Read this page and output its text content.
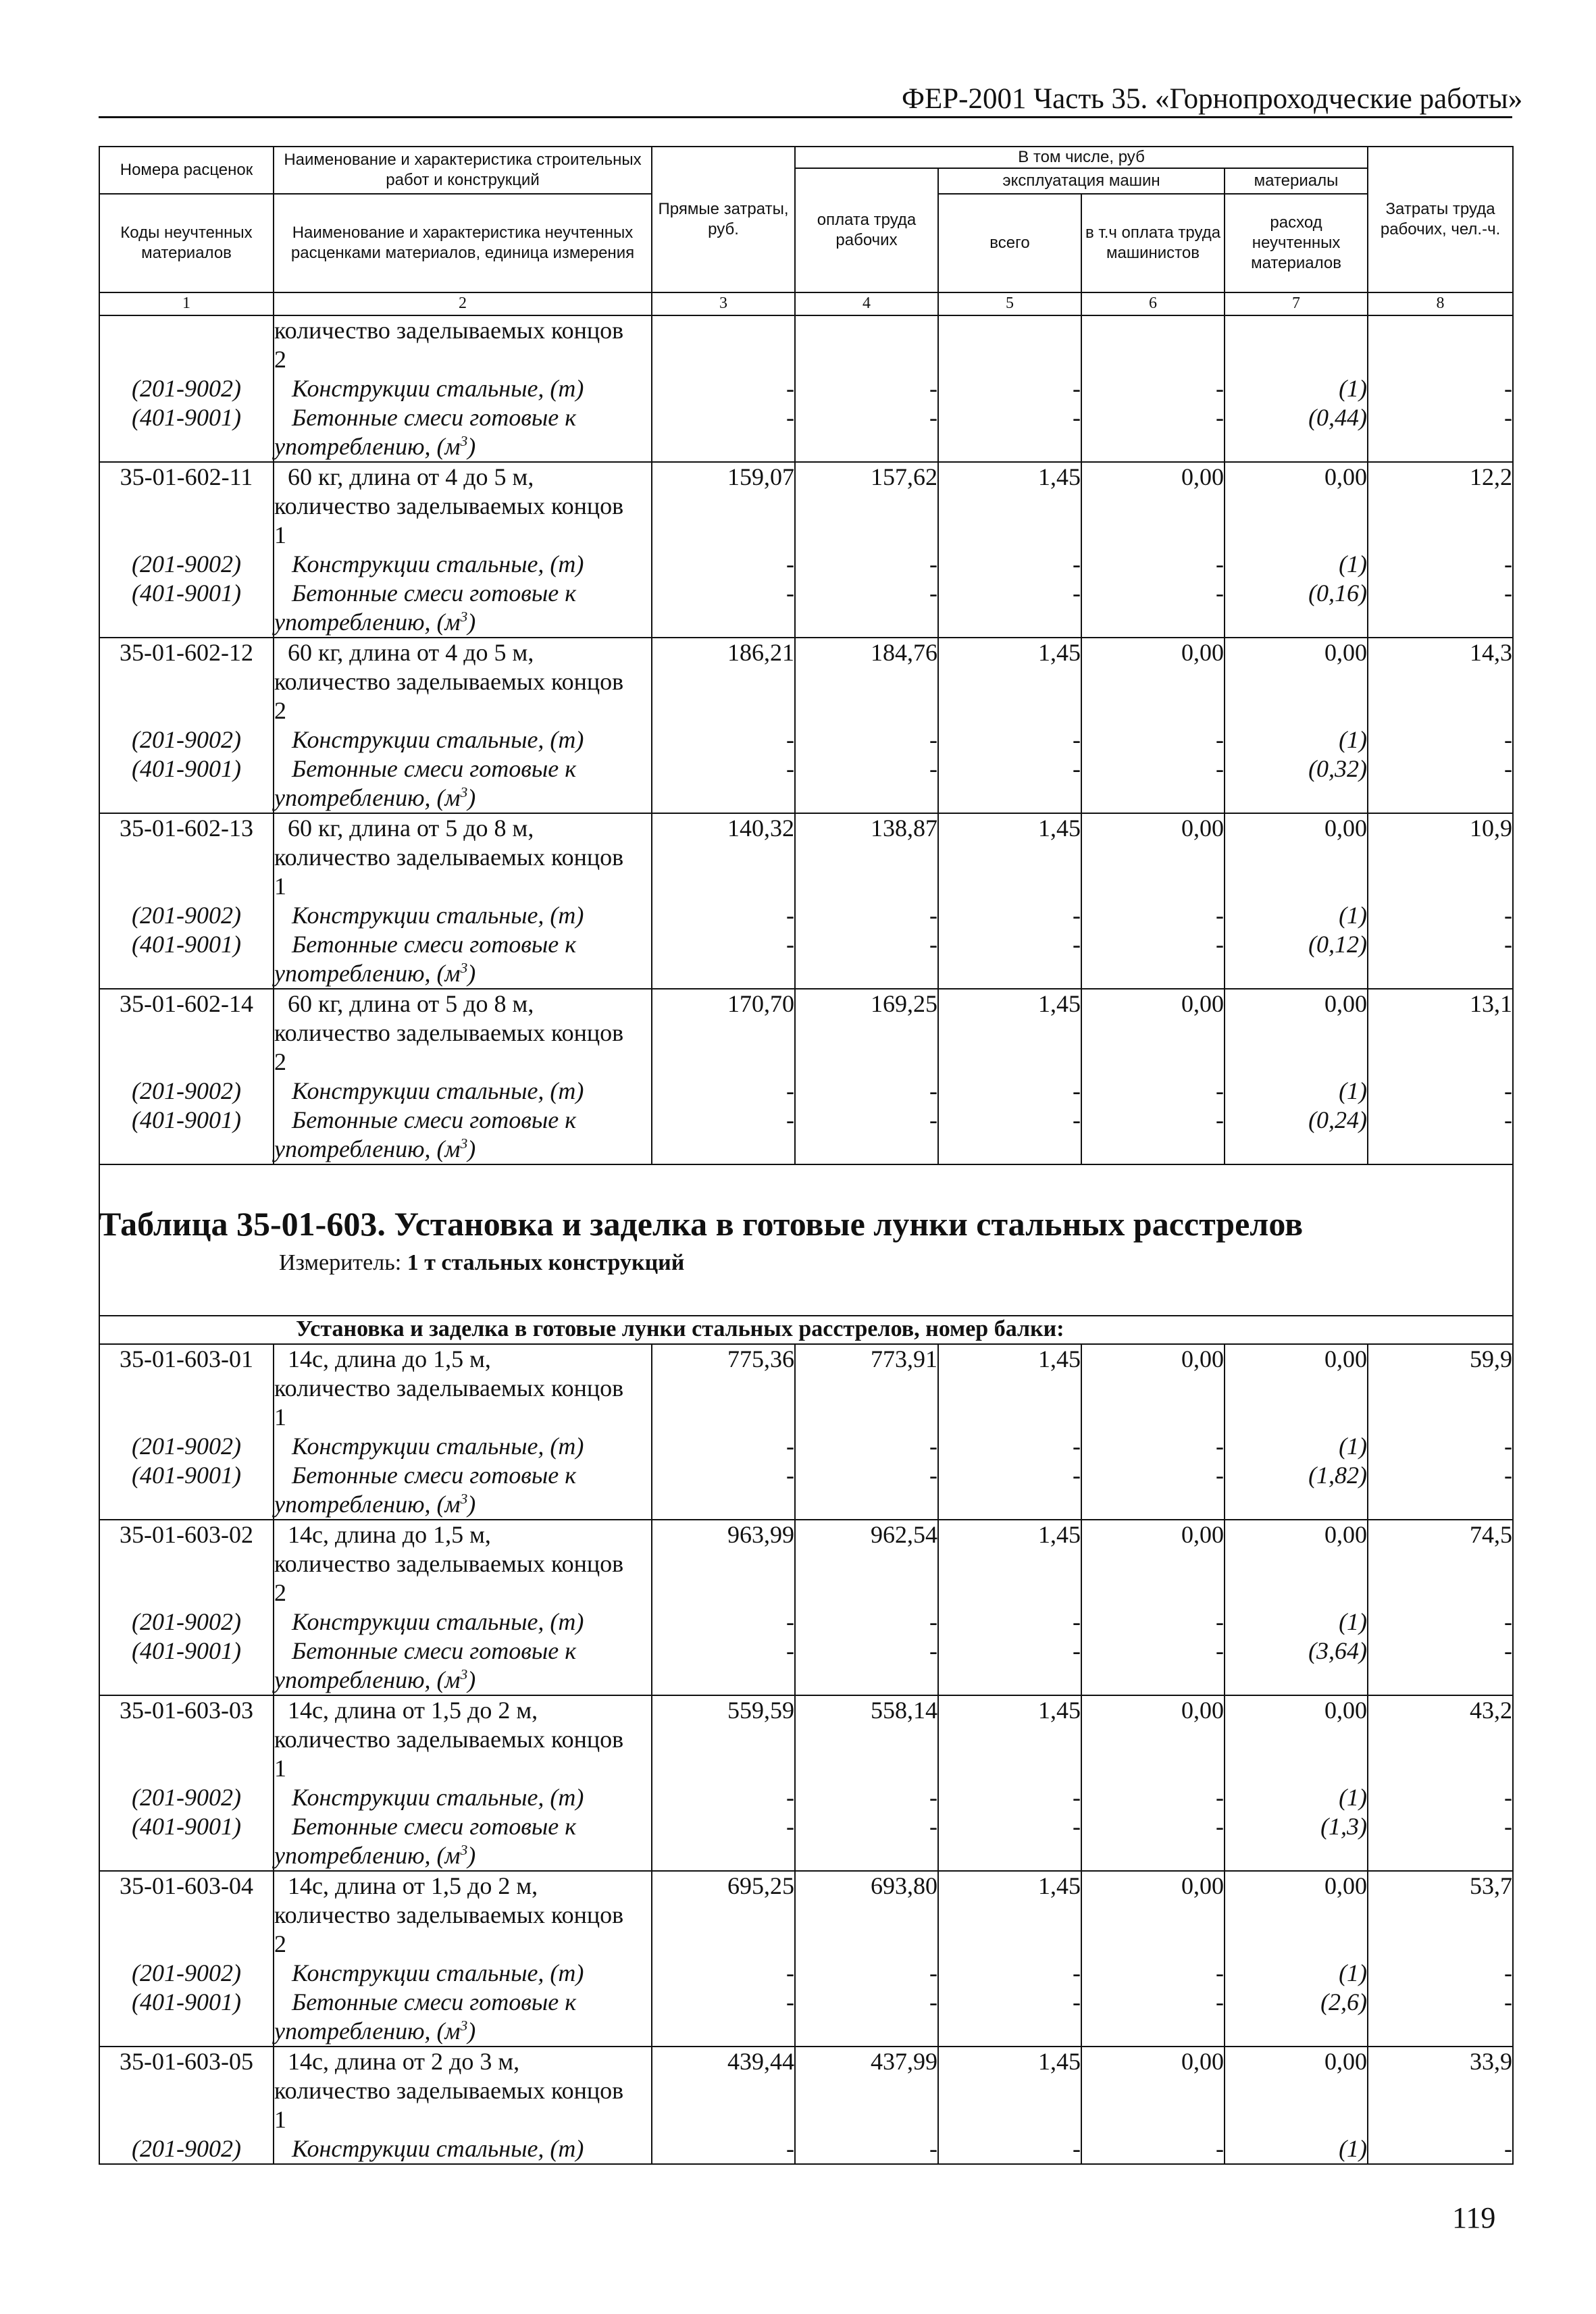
ФЕР-2001 Часть 35. «Горнопроходческие работы»
Номера расценок	Наименование и характеристика строительных работ и конструкций	Прямые затраты, руб.	В том числе, руб				Затраты труда рабочих, чел.-ч.
			оплата труда рабочих	эксплуатация машин		материалы	
Коды неучтенных материалов	Наименование и характеристика неучтенных расценками материалов, единица измерения			всего	в т.ч оплата труда машинистов	расход неучтенных материалов	
1	2	3	4	5	6	7	8

	количество заделываемых концов
2						

(201-9002)	Конструкции стальные, (т)	-	-	-	-	(1)	-
(401-9001)	Бетонные смеси готовые к
употреблению, $(м^3)$	-	-	-	-	(0,44)	-
35-01-602-11	60 кг, длина от 4 до 5 м,
количество заделываемых концов
1	159,07	157,62	1,45	0,00	0,00	12,2
(201-9002)	Конструкции стальные, (т)	-	-	-	-	(1)	-
(401-9001)	Бетонные смеси готовые к
употреблению, $(м^3)$	-	-	-	-	(0,16)	-
35-01-602-12	60 кг, длина от 4 до 5 м,
количество заделываемых концов
2	186,21	184,76	1,45	0,00	0,00	14,3
(201-9002)	Конструкции стальные, (т)	-	-	-	-	(1)	-
(401-9001)	Бетонные смеси готовые к
употреблению, $(м^3)$	-	-	-	-	(0,32)	-
35-01-602-13	60 кг, длина от 5 до 8 м,
количество заделываемых концов
1	140,32	138,87	1,45	0,00	0,00	10,9
(201-9002)	Конструкции стальные, (т)	-	-	-	-	(1)	-
(401-9001)	Бетонные смеси готовые к
употреблению, $(м^3)$	-	-	-	-	(0,12)	-
35-01-602-14	60 кг, длина от 5 до 8 м,
количество заделываемых концов
2	170,70	169,25	1,45	0,00	0,00	13,1
(201-9002)	Конструкции стальные, (т)	-	-	-	-	(1)	-
(401-9001)	Бетонные смеси готовые к
употреблению, $(м^3)$	-	-	-	-	(0,24)	-

Установка и заделка в готовые лунки стальных расстрелов, номер балки:							
35-01-603-01	14с, длина до 1,5 м,
количество заделываемых концов
1	775,36	773,91	1,45	0,00	0,00	59,9
(201-9002)	Конструкции стальные, (т)	-	-	-	-	(1)	-
(401-9001)	Бетонные смеси готовые к
употреблению, $(м^3)$	-	-	-	-	(1,82)	-
35-01-603-02	14с, длина до 1,5 м,
количество заделываемых концов
2	963,99	962,54	1,45	0,00	0,00	74,5
(201-9002)	Конструкции стальные, (т)	-	-	-	-	(1)	-
(401-9001)	Бетонные смеси готовые к
употреблению, $(м^3)$	-	-	-	-	(3,64)	-
35-01-603-03	14с, длина от 1,5 до 2 м,
количество заделываемых концов
1	559,59	558,14	1,45	0,00	0,00	43,2
(201-9002)	Конструкции стальные, (т)	-	-	-	-	(1)	-
(401-9001)	Бетонные смеси готовые к
употреблению, $(м^3)$	-	-	-	-	(1,3)	-
35-01-603-04	14с, длина от 1,5 до 2 м,
количество заделываемых концов
2	695,25	693,80	1,45	0,00	0,00	53,7
(201-9002)	Конструкции стальные, (т)	-	-	-	-	(1)	-
(401-9001)	Бетонные смеси готовые к
употреблению, $(м^3)$	-	-	-	-	(2,6)	-
35-01-603-05	14с, длина от 2 до 3 м,
количество заделываемых концов
1	439,44	437,99	1,45	0,00	0,00	33,9
(201-9002)	Конструкции стальные, (т)	-	-	-	-	(1)	-
Таблица 35-01-603. Установка и заделка в готовые лунки стальных расстрелов
Измеритель: 1 т стальных конструкций
119
